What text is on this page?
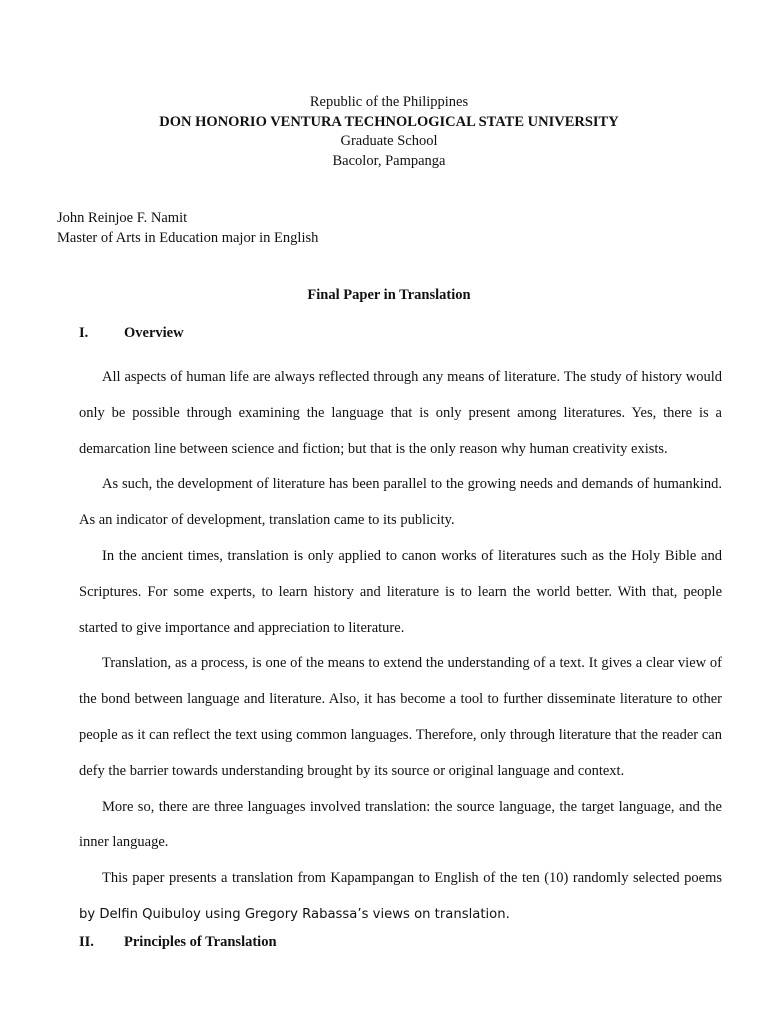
Republic of the Philippines
DON HONORIO VENTURA TECHNOLOGICAL STATE UNIVERSITY
Graduate School
Bacolor, Pampanga
John Reinjoe F. Namit
Master of Arts in Education major in English
Final Paper in Translation
I. Overview

All aspects of human life are always reflected through any means of literature. The study of history would only be possible through examining the language that is only present among literatures. Yes, there is a demarcation line between science and fiction; but that is the only reason why human creativity exists.

As such, the development of literature has been parallel to the growing needs and demands of humankind. As an indicator of development, translation came to its publicity.

In the ancient times, translation is only applied to canon works of literatures such as the Holy Bible and Scriptures. For some experts, to learn history and literature is to learn the world better. With that, people started to give importance and appreciation to literature.

Translation, as a process, is one of the means to extend the understanding of a text. It gives a clear view of the bond between language and literature. Also, it has become a tool to further disseminate literature to other people as it can reflect the text using common languages. Therefore, only through literature that the reader can defy the barrier towards understanding brought by its source or original language and context.

More so, there are three languages involved translation: the source language, the target language, and the inner language.

This paper presents a translation from Kapampangan to English of the ten (10) randomly selected poems by Delfin Quibuloy using Gregory Rabassa’s views on translation.

II. Principles of Translation
